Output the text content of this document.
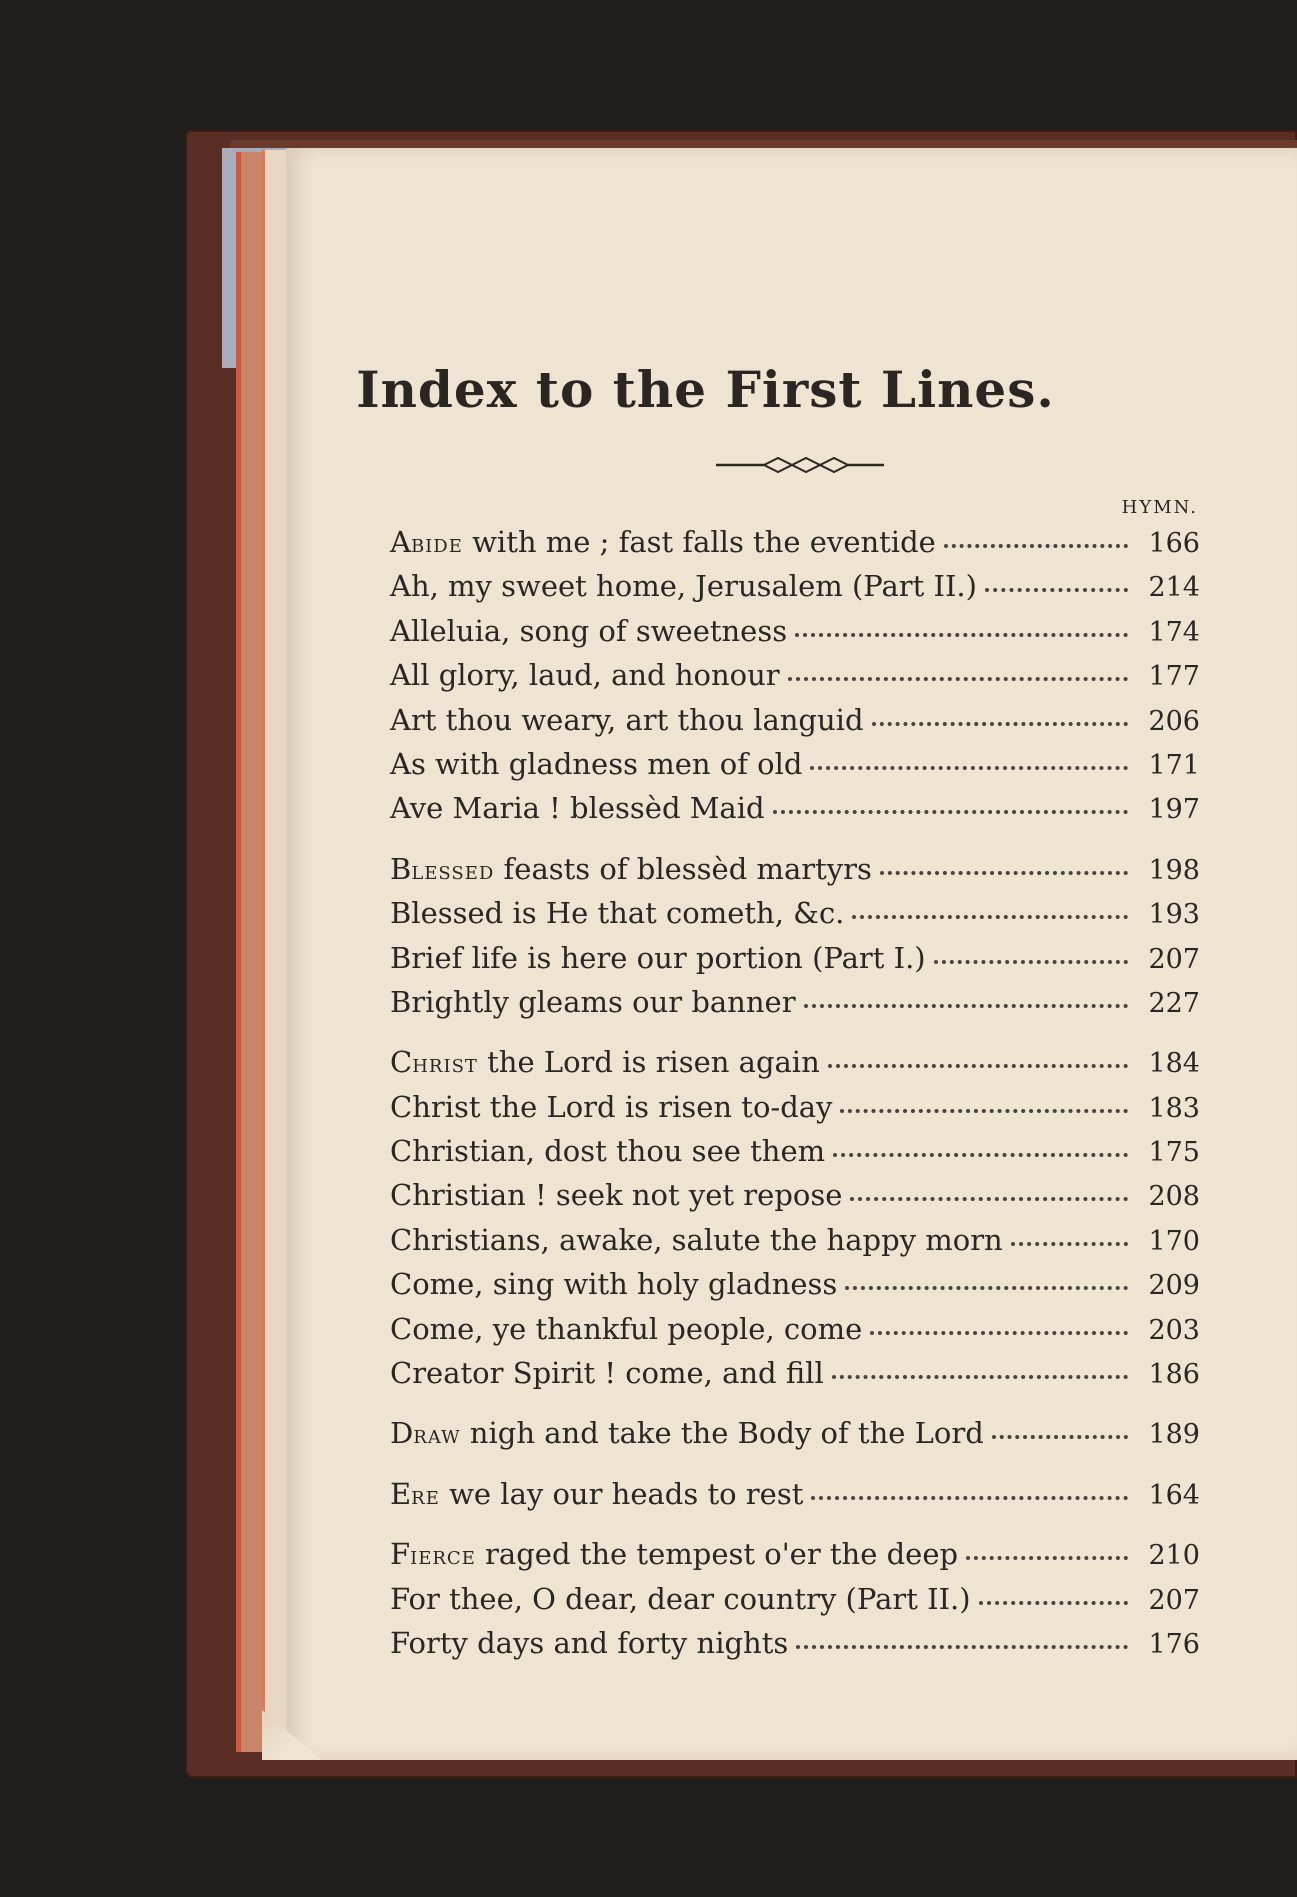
Index to the First Lines.
HYMN.
Abide with me ; fast falls the eventide	166
Ah, my sweet home, Jerusalem (Part II.)	214
Alleluia, song of sweetness	174
All glory, laud, and honour	177
Art thou weary, art thou languid	206
As with gladness men of old	171
Ave Maria ! blessèd Maid	197
Blessed feasts of blessèd martyrs	198
Blessed is He that cometh, &c.	193
Brief life is here our portion (Part I.)	207
Brightly gleams our banner	227
Christ the Lord is risen again	184
Christ the Lord is risen to-day	183
Christian, dost thou see them	175
Christian ! seek not yet repose	208
Christians, awake, salute the happy morn	170
Come, sing with holy gladness	209
Come, ye thankful people, come	203
Creator Spirit ! come, and fill	186
Draw nigh and take the Body of the Lord	189
Ere we lay our heads to rest	164
Fierce raged the tempest o'er the deep	210
For thee, O dear, dear country (Part II.)	207
Forty days and forty nights	176
